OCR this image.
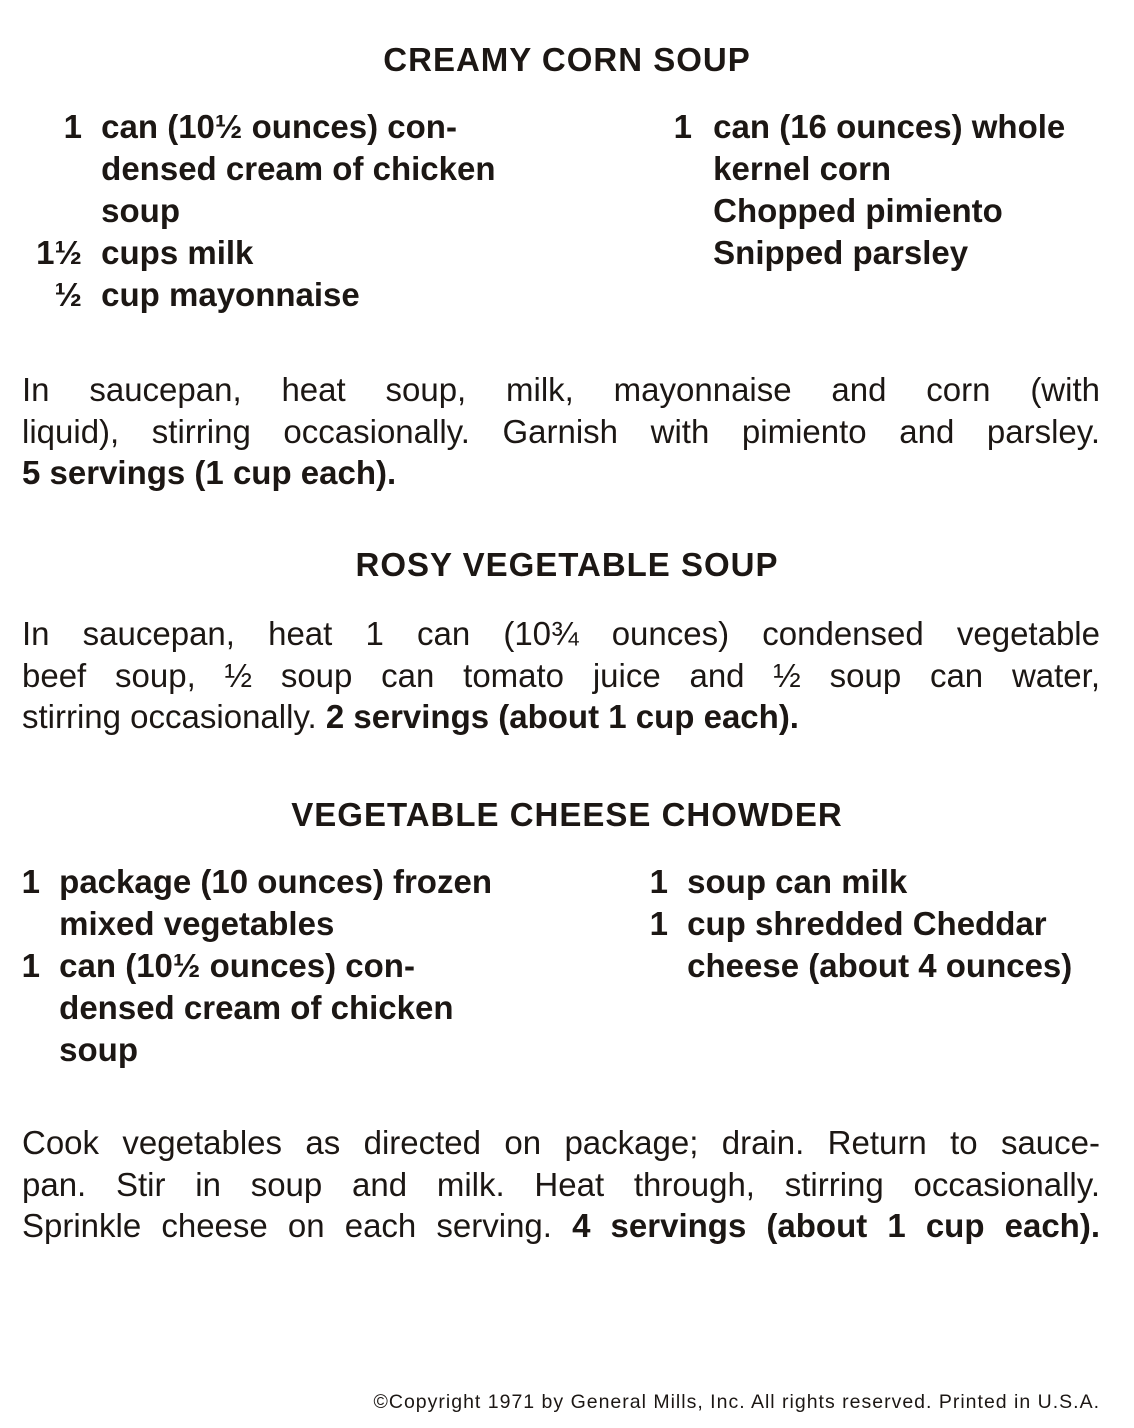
CREAMY CORN SOUP
1 can (10½ ounces) con-
densed cream of chicken
soup
1½ cups milk
½ cup mayonnaise
1 can (16 ounces) whole
kernel corn
Chopped pimiento
Snipped parsley
In saucepan, heat soup, milk, mayonnaise and corn (with
liquid), stirring occasionally. Garnish with pimiento and parsley.
5 servings (1 cup each).
ROSY VEGETABLE SOUP
In saucepan, heat 1 can (10¾ ounces) condensed vegetable
beef soup, ½ soup can tomato juice and ½ soup can water,
stirring occasionally. 2 servings (about 1 cup each).
VEGETABLE CHEESE CHOWDER
1 package (10 ounces) frozen
mixed vegetables
1 can (10½ ounces) con-
densed cream of chicken
soup
1 soup can milk
1 cup shredded Cheddar
cheese (about 4 ounces)
Cook vegetables as directed on package; drain. Return to sauce-
pan. Stir in soup and milk. Heat through, stirring occasionally.
Sprinkle cheese on each serving. 4 servings (about 1 cup each).
©Copyright 1971 by General Mills, Inc. All rights reserved. Printed in U.S.A.
